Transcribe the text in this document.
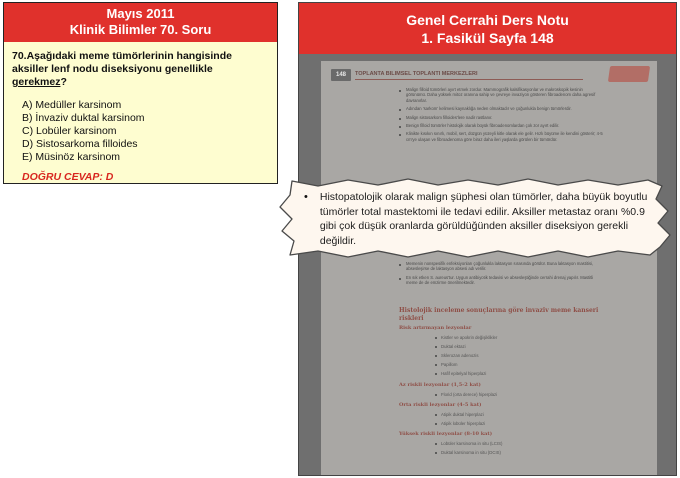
Mayıs 2011
Klinik Bilimler 70. Soru
70.Aşağıdaki meme tümörlerinin hangisinde aksiller lenf nodu diseksiyonu genellikle gerekmez?
A) Medüller karsinom
B) İnvaziv duktal karsinom
C) Lobüler karsinom
D) Sistosarkoma filloides
E) Müsinöz karsinom
DOĞRU CEVAP: D
Genel Cerrahi Ders Notu
1. Fasikül Sayfa 148
148	TOPLANTA BILIMSEL TOPLANTI MERKEZLERI
Malign filloid tümörleri ayırt etmek zordur. Mammografik kalsifikasyonlar ve makroskopik kesinin görünümü. Daha yüksek mitoz oranına sahip ve çevreye invaziyon gösteren fibroadenom daha agresif davranırlar.
Adından 'sarkom' kelimesi kaynaklığa neden olmaktadır ve çoğunlukla benign tümörlerdir.
Malign sistosarkom filloides'lere nadir rastlanır.
Benign filloid tümörler histolojik olarak büyük fibroadenomlardan çok zor ayırt edilir.
Klinikte kısıkın sınırlı, mobil, sert, düzgün yüzeyli kitle olarak ele gelir. Hızlı büyüme ile kendini gösterir; 4-5 cm'ye ulaşan ve fibroadenoma göre biraz daha ileri yaşlarda görülen bir tümördür.
Memenin nonspesifik enfeksiyonları çoğunlukla laktasyon sırasında görülür. Buna laktasyon mastitisi, absesleşirse de laktasyon absesi adı verilir.
En sık etken S. aureus'tur. Uygun antibiyotik tedavisi ve absesleştiğinde cerrahi drenaj yapılır. Mastitli meme de de emzirme önerilmektedir.
Histolojik inceleme sonuçlarına göre invaziv meme kanseri riskleri
Risk artırmayan lezyonlar
Kistler ve apokrin değişiklikler
Duktal ektazi
Sklerozan adenozis
Papillom
Hafif epitelyal hiperplazi
Az riskli lezyonlar (1,5-2 kat)
Florid (orta derece) hiperplazi
Orta riskli lezyonlar (4-5 kat)
Atipik duktal hiperplazi
Atipik lobüler hiperplazi
Yüksek riskli lezyonlar (8-10 kat)
Lobüler karsinoma in situ (LCIS)
Duktal karsinoma in situ (DCIS)
• Histopatolojik olarak malign şüphesi olan tümörler, daha büyük boyutlu tümörler total mastektomi ile tedavi edilir. Aksiller metastaz oranı %0.9 gibi çok düşük oranlarda görüldüğünden aksiller diseksiyon gerekli değildir.
